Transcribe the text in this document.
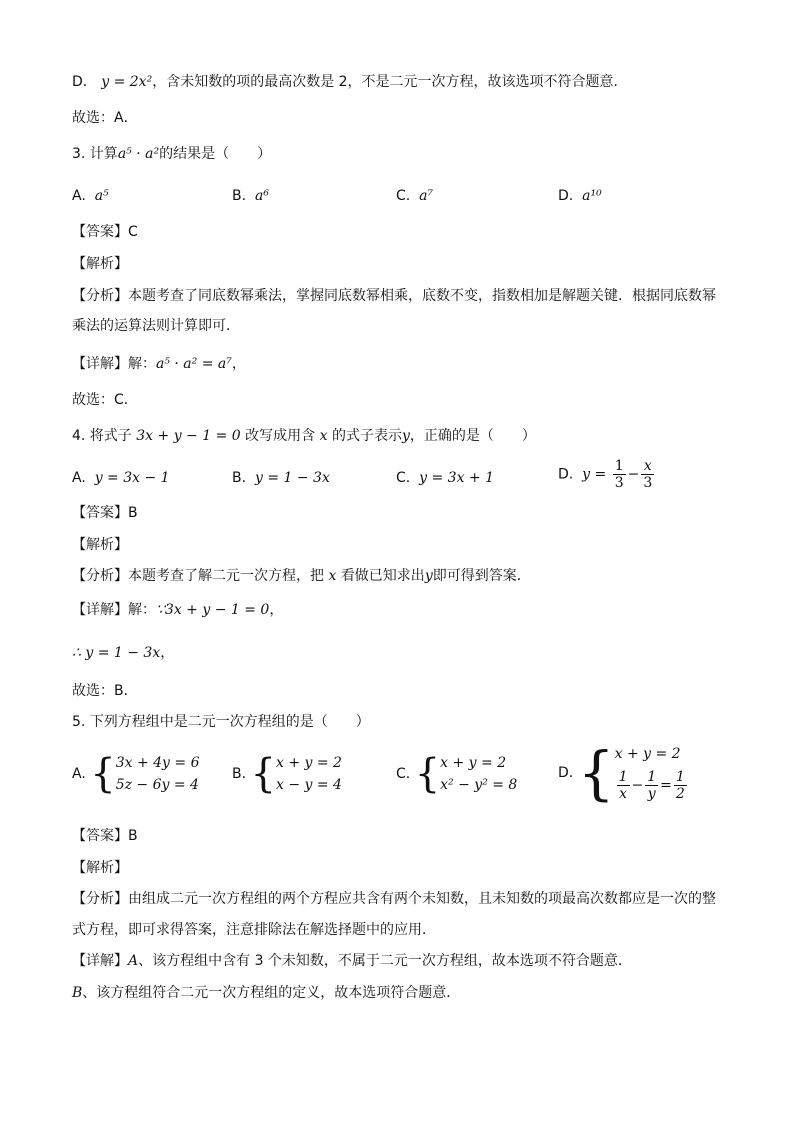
D． y = 2x²，含未知数的项的最高次数是 2，不是二元一次方程，故该选项不符合题意．
故选：A．
3. 计算a⁵ · a²的结果是（　　）
A. a⁵	B. a⁶	C. a⁷	D. a¹⁰
【答案】C
【解析】
【分析】本题考查了同底数幂乘法，掌握同底数幂相乘，底数不变，指数相加是解题关键．根据同底数幂
乘法的运算法则计算即可．
【详解】解：a⁵ · a² = a⁷，
故选：C．
4. 将式子 3x + y − 1 = 0 改写成用含 x 的式子表示y，正确的是（　　）
A. y = 3x − 1	B. y = 1 − 3x	C. y = 3x + 1	D. $y = \frac{1}{3} - \frac{x}{3}$
【答案】B
【解析】
【分析】本题考查了解二元一次方程，把 x 看做已知求出y即可得到答案．
【详解】解：∵3x + y − 1 = 0，
∴ y = 1 − 3x，
故选：B．
5. 下列方程组中是二元一次方程组的是（　　）
A. { 3x + 4y = 6
5z − 6y = 4
B. { x + y = 2
x − y = 4
C. { x + y = 2
x² − y² = 8
D. { x + y = 2
$\frac{1}{x} - \frac{1}{y} = \frac{1}{2}$
【答案】B
【解析】
【分析】由组成二元一次方程组的两个方程应共含有两个未知数，且未知数的项最高次数都应是一次的整
式方程，即可求得答案，注意排除法在解选择题中的应用．
【详解】A、该方程组中含有 3 个未知数，不属于二元一次方程组，故本选项不符合题意．
B、该方程组符合二元一次方程组的定义，故本选项符合题意．
